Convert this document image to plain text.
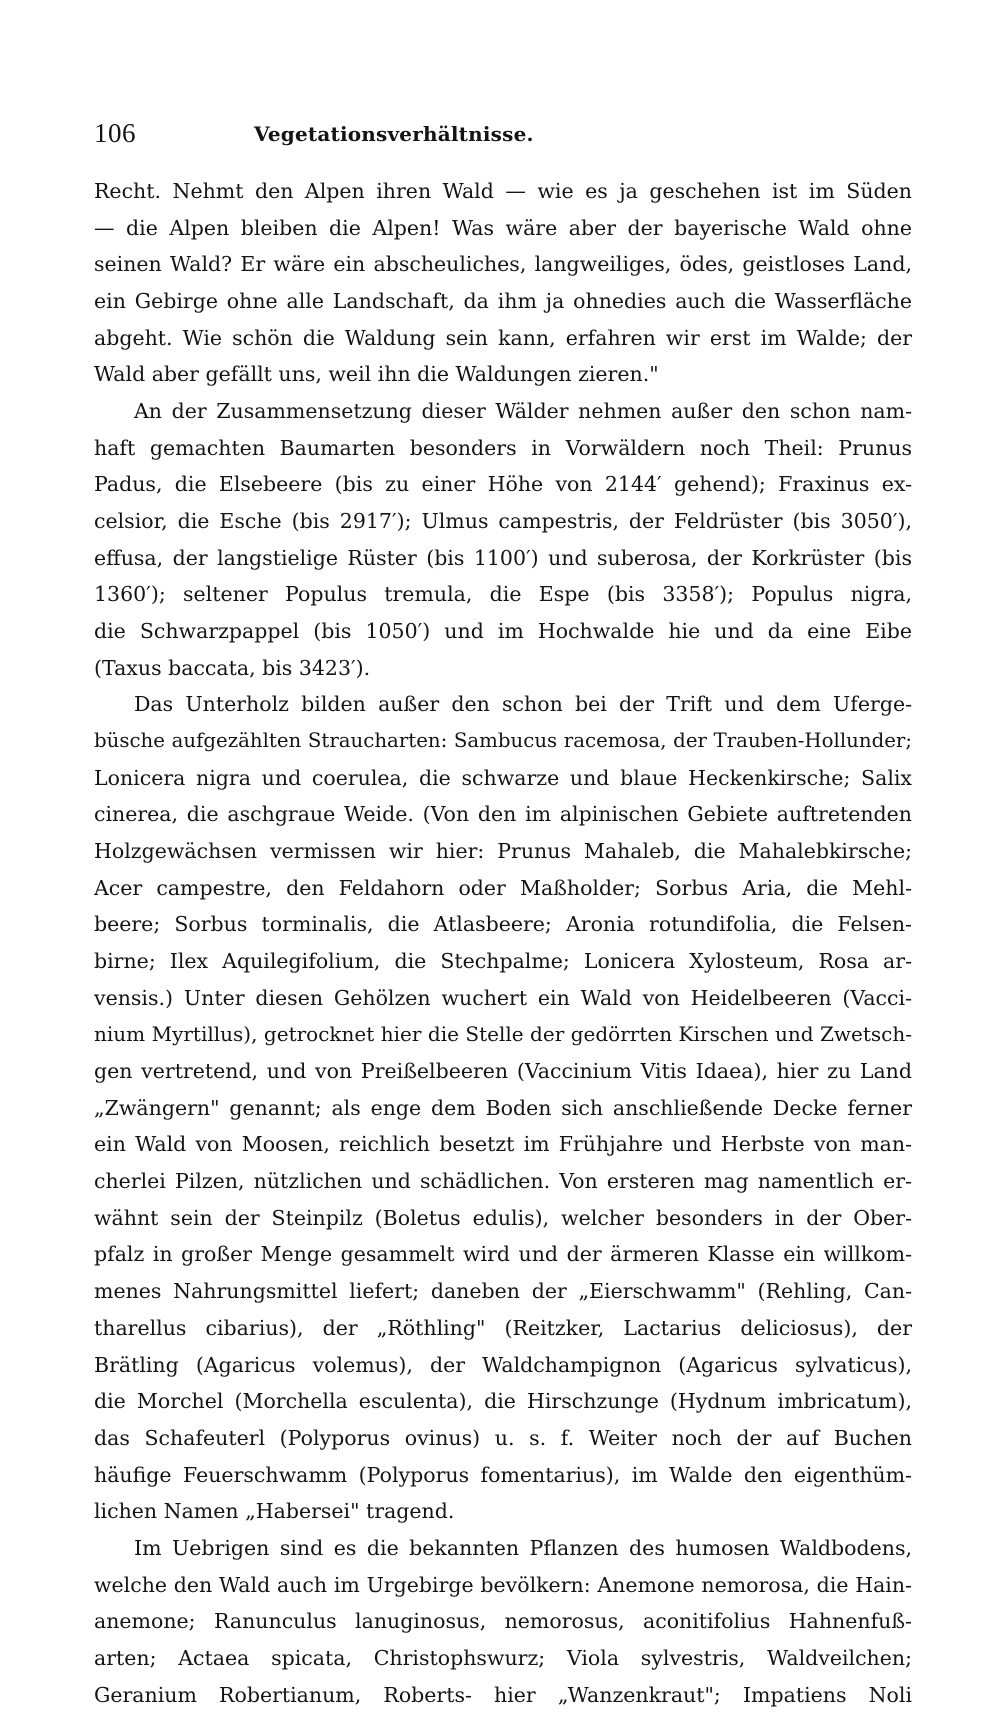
106	Vegetationsverhältnisse.
Recht. Nehmt den Alpen ihren Wald — wie es ja geschehen ist im Süden
— die Alpen bleiben die Alpen! Was wäre aber der bayerische Wald ohne
seinen Wald? Er wäre ein abscheuliches, langweiliges, ödes, geistloses Land,
ein Gebirge ohne alle Landschaft, da ihm ja ohnedies auch die Wasserfläche
abgeht. Wie schön die Waldung sein kann, erfahren wir erst im Walde; der
Wald aber gefällt uns, weil ihn die Waldungen zieren."
An der Zusammensetzung dieser Wälder nehmen außer den schon nam-
haft gemachten Baumarten besonders in Vorwäldern noch Theil: Prunus
Padus, die Elsebeere (bis zu einer Höhe von 2144′ gehend); Fraxinus ex-
celsior, die Esche (bis 2917′); Ulmus campestris, der Feldrüster (bis 3050′),
effusa, der langstielige Rüster (bis 1100′) und suberosa, der Korkrüster (bis
1360′); seltener Populus tremula, die Espe (bis 3358′); Populus nigra,
die Schwarzpappel (bis 1050′) und im Hochwalde hie und da eine Eibe
(Taxus baccata, bis 3423′).
Das Unterholz bilden außer den schon bei der Trift und dem Uferge-
büsche aufgezählten Straucharten: Sambucus racemosa, der Trauben-Hollunder;
Lonicera nigra und coerulea, die schwarze und blaue Heckenkirsche; Salix
cinerea, die aschgraue Weide. (Von den im alpinischen Gebiete auftretenden
Holzgewächsen vermissen wir hier: Prunus Mahaleb, die Mahalebkirsche;
Acer campestre, den Feldahorn oder Maßholder; Sorbus Aria, die Mehl-
beere; Sorbus torminalis, die Atlasbeere; Aronia rotundifolia, die Felsen-
birne; Ilex Aquilegifolium, die Stechpalme; Lonicera Xylosteum, Rosa ar-
vensis.) Unter diesen Gehölzen wuchert ein Wald von Heidelbeeren (Vacci-
nium Myrtillus), getrocknet hier die Stelle der gedörrten Kirschen und Zwetsch-
gen vertretend, und von Preißelbeeren (Vaccinium Vitis Idaea), hier zu Land
„Zwängern" genannt; als enge dem Boden sich anschließende Decke ferner
ein Wald von Moosen, reichlich besetzt im Frühjahre und Herbste von man-
cherlei Pilzen, nützlichen und schädlichen. Von ersteren mag namentlich er-
wähnt sein der Steinpilz (Boletus edulis), welcher besonders in der Ober-
pfalz in großer Menge gesammelt wird und der ärmeren Klasse ein willkom-
menes Nahrungsmittel liefert; daneben der „Eierschwamm" (Rehling, Can-
tharellus cibarius), der „Röthling" (Reitzker, Lactarius deliciosus), der
Brätling (Agaricus volemus), der Waldchampignon (Agaricus sylvaticus),
die Morchel (Morchella esculenta), die Hirschzunge (Hydnum imbricatum),
das Schafeuterl (Polyporus ovinus) u. s. f. Weiter noch der auf Buchen
häufige Feuerschwamm (Polyporus fomentarius), im Walde den eigenthüm-
lichen Namen „Habersei" tragend.
Im Uebrigen sind es die bekannten Pflanzen des humosen Waldbodens,
welche den Wald auch im Urgebirge bevölkern: Anemone nemorosa, die Hain-
anemone; Ranunculus lanuginosus, nemorosus, aconitifolius Hahnenfuß-
arten; Actaea spicata, Christophswurz; Viola sylvestris, Waldveilchen;
Geranium Robertianum, Roberts- hier „Wanzenkraut"; Impatiens Noli
